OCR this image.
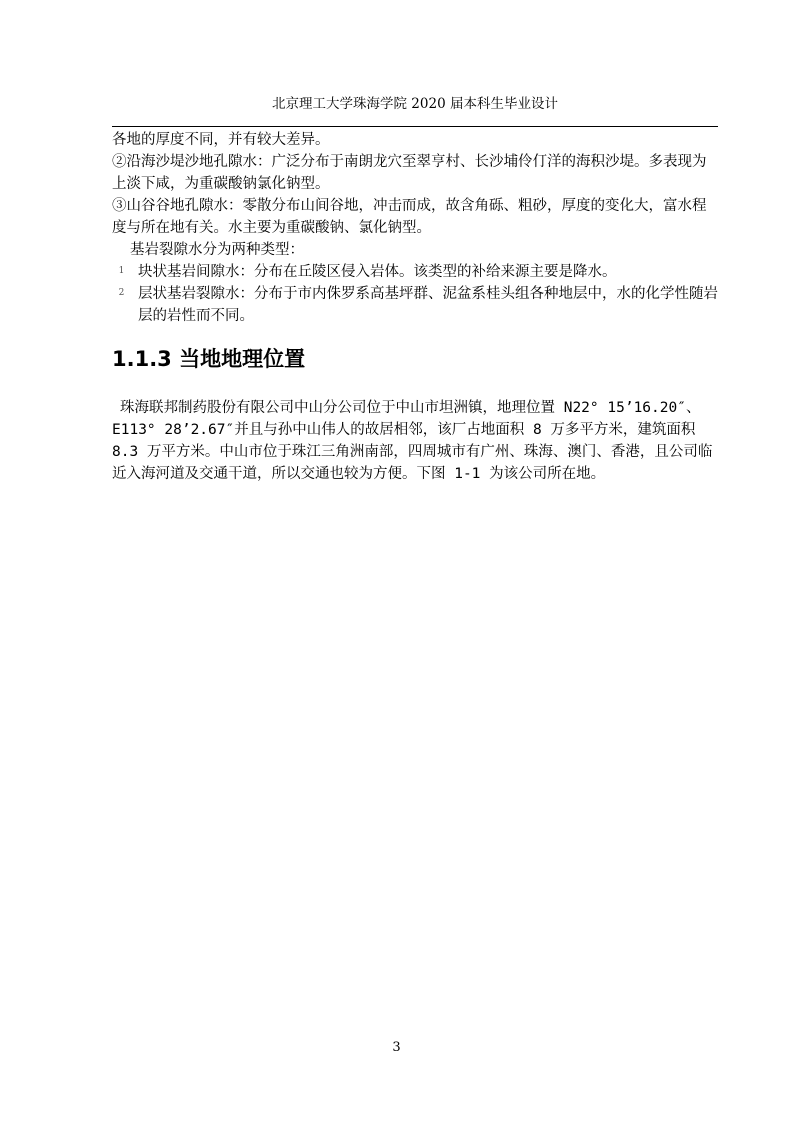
北京理工大学珠海学院 2020 届本科生毕业设计

各地的厚度不同，并有较大差异。

②沿海沙堤沙地孔隙水：广泛分布于南朗龙穴至翠亨村、长沙埔伶仃洋的海积沙堤。多表现为上淡下咸，为重碳酸钠氯化钠型。

③山谷谷地孔隙水：零散分布山间谷地，冲击而成，故含角砾、粗砂，厚度的变化大，富水程度与所在地有关。水主要为重碳酸钠、氯化钠型。

基岩裂隙水分为两种类型：

1 块状基岩间隙水：分布在丘陵区侵入岩体。该类型的补给来源主要是降水。

2 层状基岩裂隙水：分布于市内侏罗系高基坪群、泥盆系桂头组各种地层中，水的化学性随岩层的岩性而不同。

1.1.3 当地地理位置

珠海联邦制药股份有限公司中山分公司位于中山市坦洲镇，地理位置 N22° 15’16.20″、E113° 28’2.67″并且与孙中山伟人的故居相邻，该厂占地面积 8 万多平方米，建筑面积 8.3 万平方米。中山市位于珠江三角洲南部，四周城市有广州、珠海、澳门、香港，且公司临近入海河道及交通干道，所以交通也较为方便。下图 1-1 为该公司所在地。

3
